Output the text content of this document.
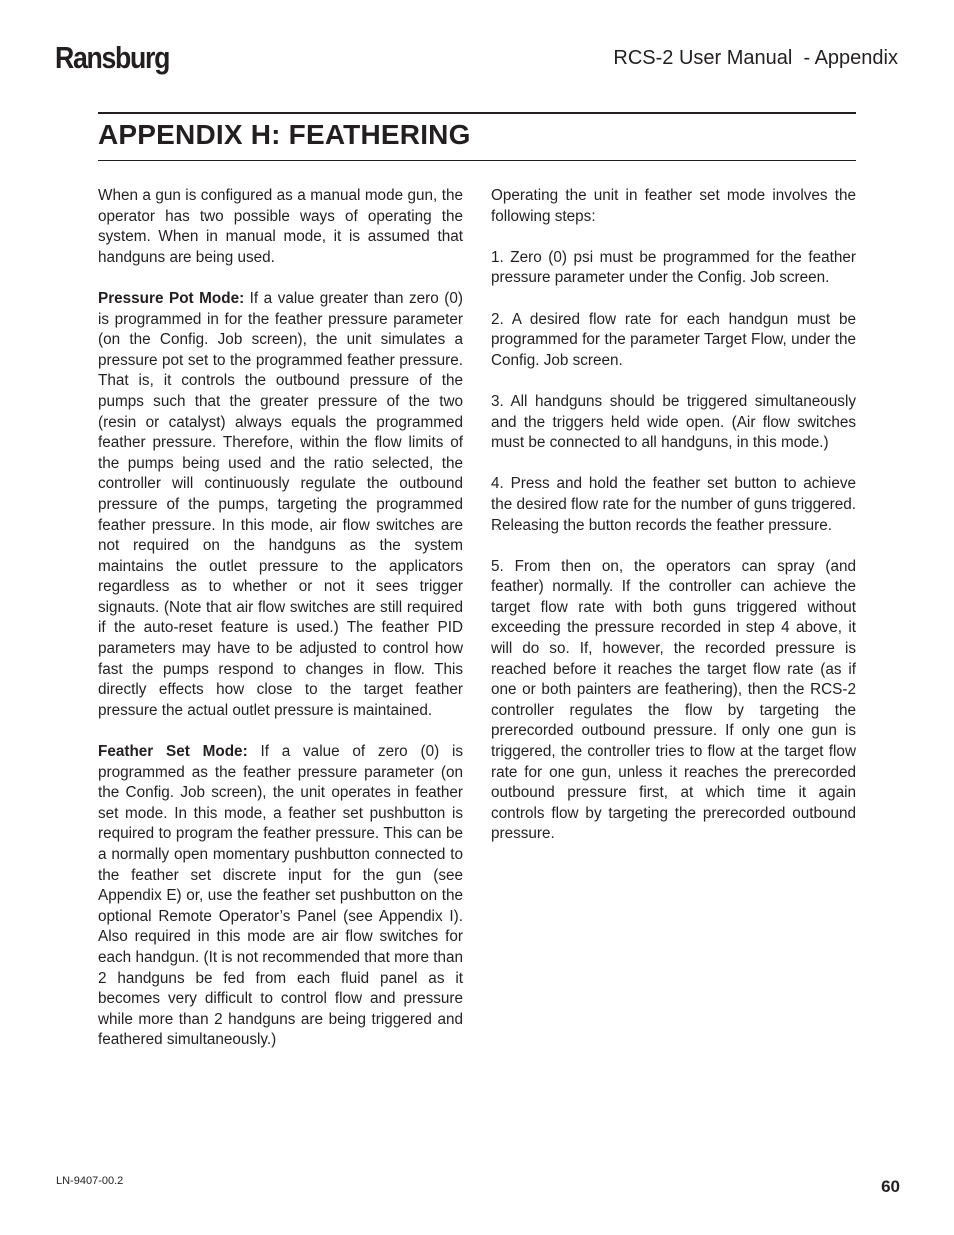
Ransburg	RCS-2 User Manual  - Appendix
APPENDIX H: FEATHERING

When a gun is configured as a manual mode gun, the operator has two possible ways of operating the system. When in manual mode, it is assumed that handguns are being used.

Pressure Pot Mode: If a value greater than zero (0) is programmed in for the feather pressure parameter (on the Config. Job screen), the unit simulates a pressure pot set to the programmed feather pressure. That is, it controls the outbound pressure of the pumps such that the greater pressure of the two (resin or catalyst) always equals the programmed feather pressure. Therefore, within the flow limits of the pumps being used and the ratio selected, the controller will continuously regulate the outbound pressure of the pumps, targeting the programmed feather pressure. In this mode, air flow switches are not required on the handguns as the system maintains the outlet pressure to the applicators regardless as to whether or not it sees trigger signauts. (Note that air flow switches are still required if the auto-reset feature is used.) The feather PID parameters may have to be adjusted to control how fast the pumps respond to changes in flow. This directly effects how close to the target feather pressure the actual outlet pressure is maintained.

Feather Set Mode: If a value of zero (0) is programmed as the feather pressure parameter (on the Config. Job screen), the unit operates in feather set mode. In this mode, a feather set pushbutton is required to program the feather pressure. This can be a normally open momentary pushbutton connected to the feather set discrete input for the gun (see Appendix E) or, use the feather set pushbutton on the optional Remote Operator’s Panel (see Appendix I). Also required in this mode are air flow switches for each handgun. (It is not recommended that more than 2 handguns be fed from each fluid panel as it becomes very difficult to control flow and pressure while more than 2 handguns are being triggered and feathered simultaneously.)

Operating the unit in feather set mode involves the following steps:

1. Zero (0) psi must be programmed for the feather pressure parameter under the Config. Job screen.

2. A desired flow rate for each handgun must be programmed for the parameter Target Flow, under the Config. Job screen.

3. All handguns should be triggered simultaneously and the triggers held wide open. (Air flow switches must be connected to all handguns, in this mode.)

4. Press and hold the feather set button to achieve the desired flow rate for the number of guns triggered. Releasing the button records the feather pressure.

5. From then on, the operators can spray (and feather) normally. If the controller can achieve the target flow rate with both guns triggered without exceeding the pressure recorded in step 4 above, it will do so. If, however, the recorded pressure is reached before it reaches the target flow rate (as if one or both painters are feathering), then the RCS-2 controller regulates the flow by targeting the prerecorded outbound pressure. If only one gun is triggered, the controller tries to flow at the target flow rate for one gun, unless it reaches the prerecorded outbound pressure first, at which time it again controls flow by targeting the prerecorded outbound pressure.

LN-9407-00.2	60
